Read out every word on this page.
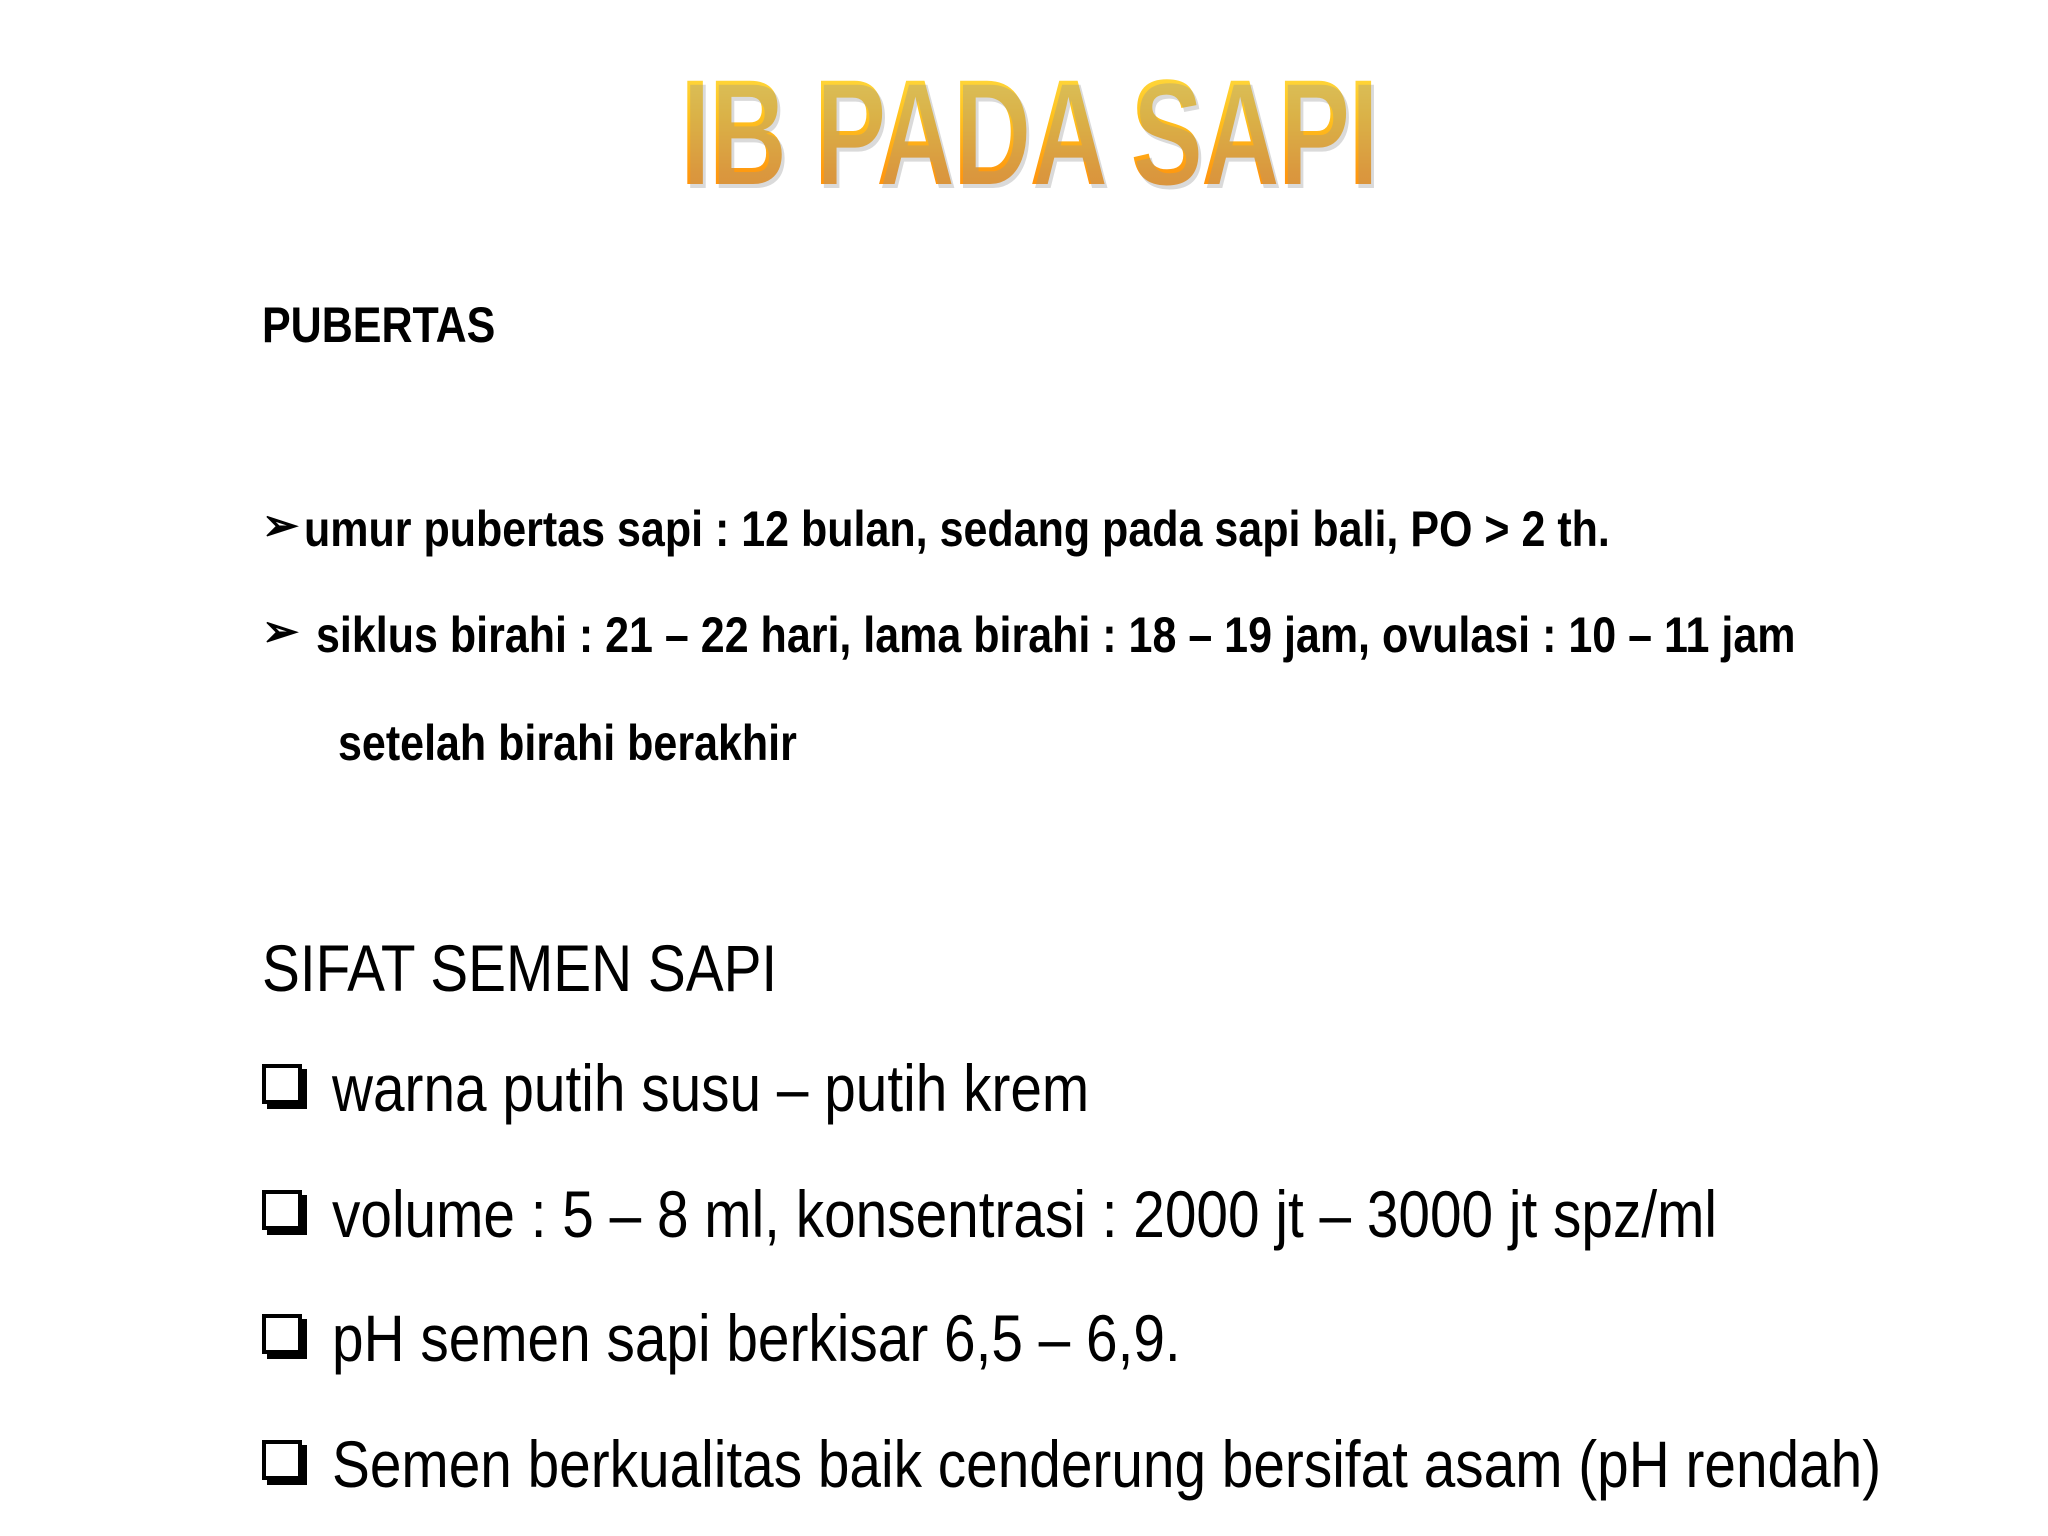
IB PADA SAPI
PUBERTAS
➢ umur pubertas sapi : 12 bulan, sedang pada sapi bali, PO > 2 th.
➢ siklus birahi : 21 – 22 hari, lama birahi : 18 – 19 jam, ovulasi : 10 – 11 jam
setelah birahi berakhir
SIFAT SEMEN SAPI
warna putih susu – putih krem
volume : 5 – 8 ml, konsentrasi : 2000 jt – 3000 jt spz/ml
pH semen sapi berkisar 6,5 – 6,9.
Semen berkualitas baik cenderung bersifat asam (pH rendah)
